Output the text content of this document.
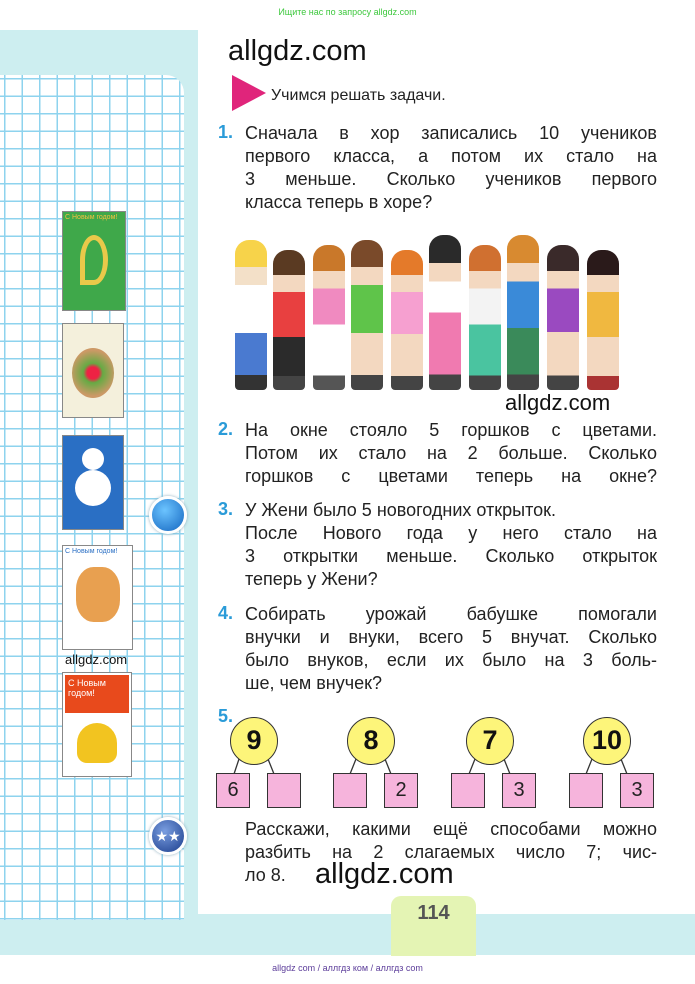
Ищите нас по запросу allgdz.com
114
allgdz com / аллгдз ком / аллгдз com
С Новым годом!
С Новым годом!
allgdz.com
С Новым годом!
★★
allgdz.com
Учимся решать задачи.
1. Сначала в хор записались 10 учеников
первого класса, а потом их стало на
3 меньше. Сколько учеников первого
класса теперь в хоре?
allgdz.com
2. На окне стояло 5 горшков с цветами.
Потом их стало на 2 больше. Сколько
горшков с цветами теперь на окне?
3. У Жени было 5 новогодних открыток.
После Нового года у него стало на
3 открытки меньше. Сколько открыток
теперь у Жени?
4. Собирать урожай бабушке помогали
внучки и внуки, всего 5 внучат. Сколько
было внуков, если их было на 3 боль-
ше, чем внучек?
5.
9
6
8
2
7
3
10
3
Расскажи, какими ещё способами можно
разбить на 2 слагаемых число 7; чис-
ло 8.	allgdz.com
